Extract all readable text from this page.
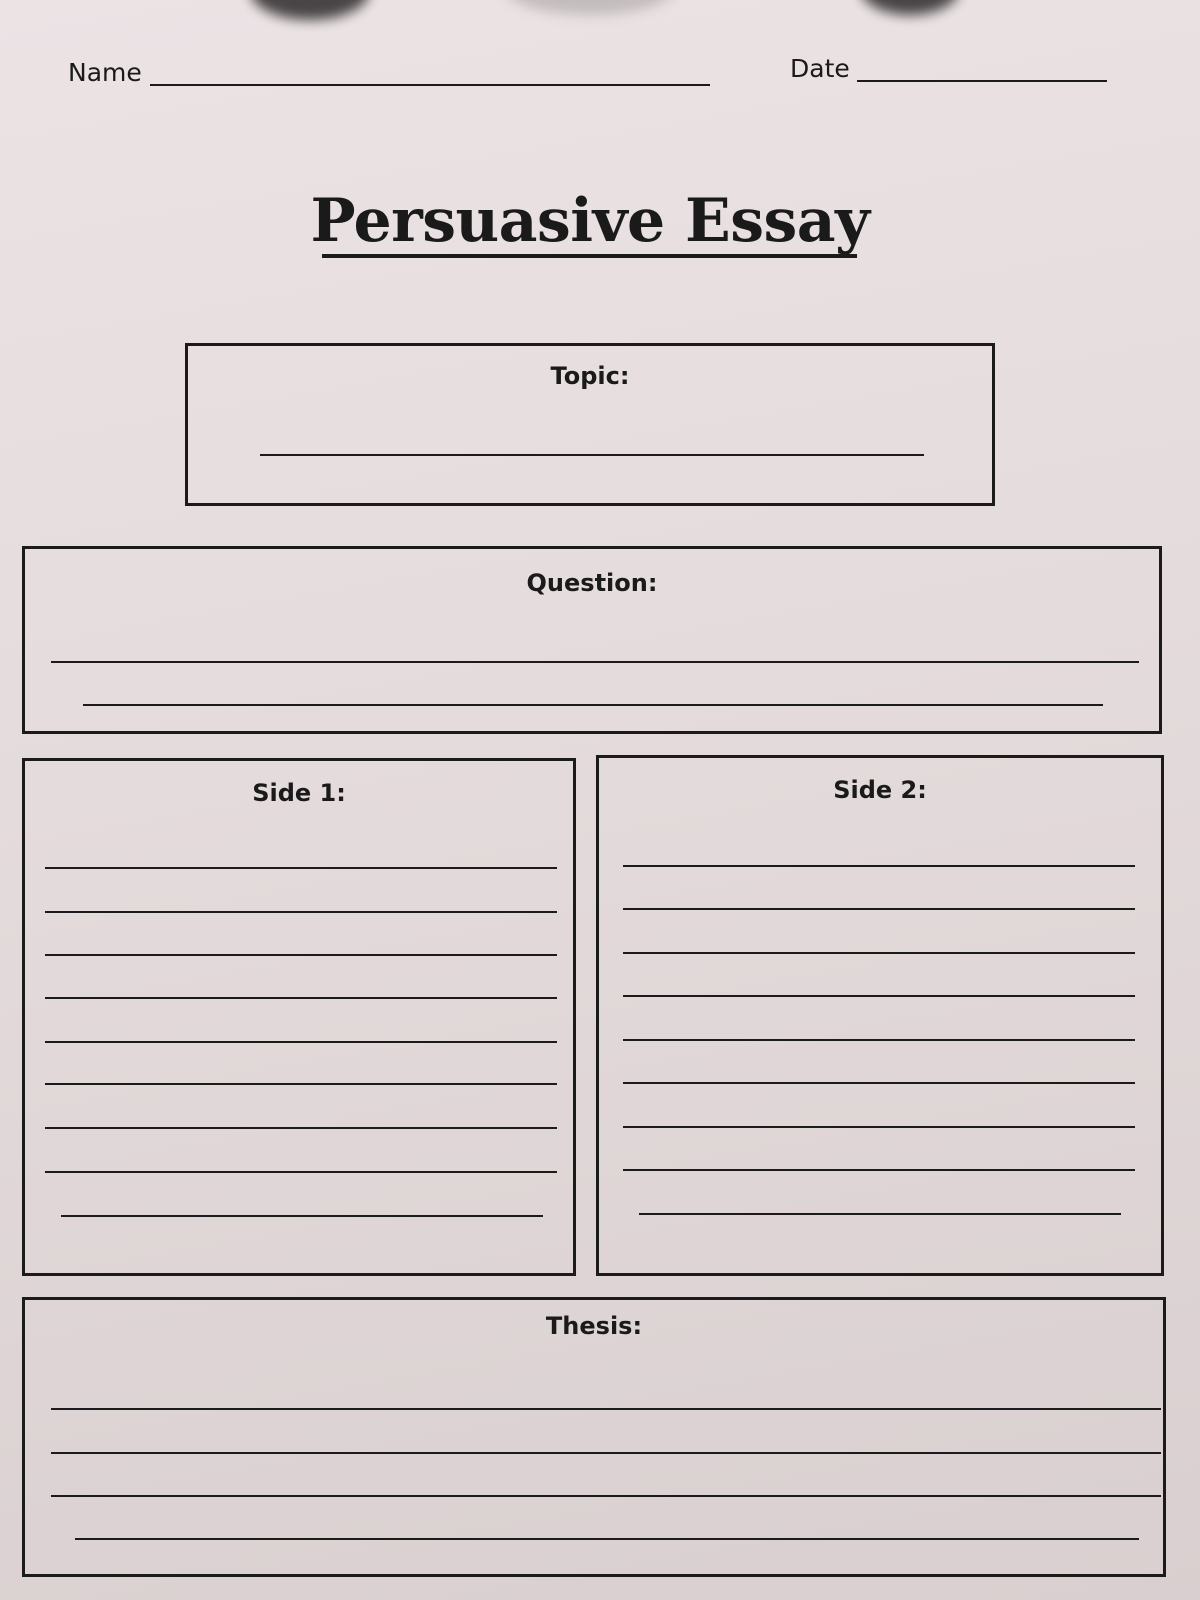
Name	Date
Persuasive Essay
Topic:
Question:
Side 1:	Side 2:
Thesis:
